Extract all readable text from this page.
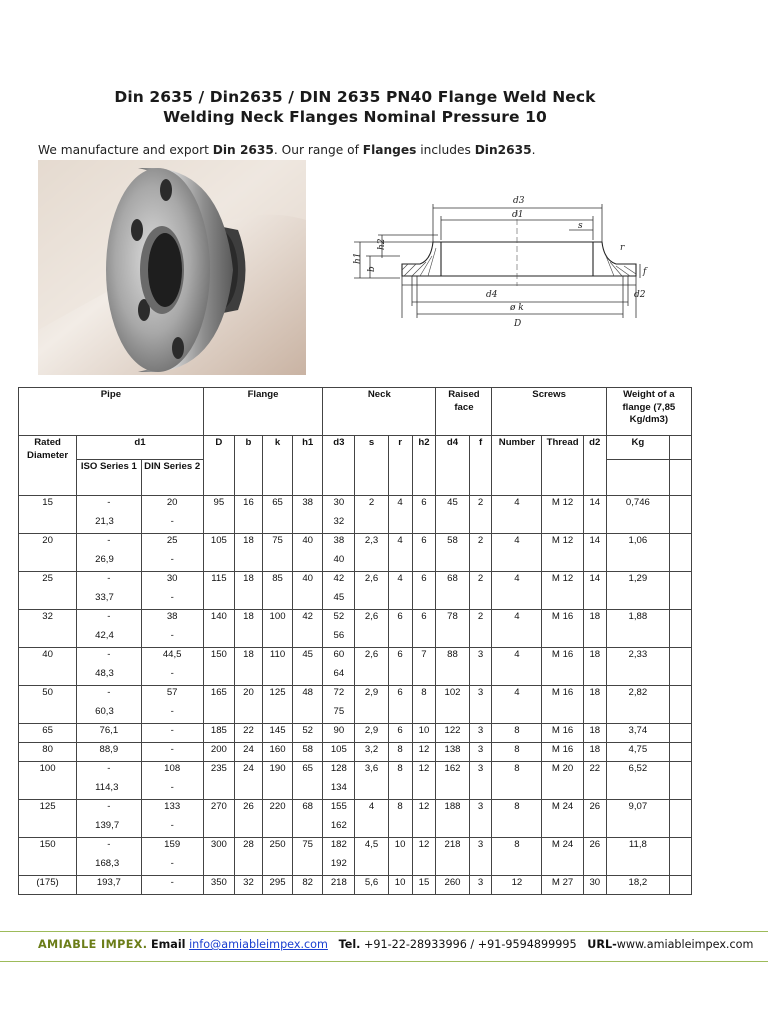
Din 2635 / Din2635 / DIN 2635 PN40 Flange Weld Neck
Welding Neck Flanges Nominal Pressure 10
We manufacture and export Din 2635. Our range of Flanges includes Din2635.
d3
d1
s
r
h2
h1
b	f
d4	d2
ø k
D
Pipe			Flange				Neck				Raised face		Screws			Weight of a flange (7,85 Kg/dm3)	
Rated Diameter	d1		D	b	k	h1	d3	s	r	h2	d4	f	Number	Thread	d2	Kg	
	ISO Series 1	DIN Series 2															
15	-	20	95	16	65	38	30	2	4	6	45	2	4	M 12	14	0,746	
	21,3	-					32										
20	-	25	105	18	75	40	38	2,3	4	6	58	2	4	M 12	14	1,06	
	26,9	-					40										
25	-	30	115	18	85	40	42	2,6	4	6	68	2	4	M 12	14	1,29	
	33,7	-					45										
32	-	38	140	18	100	42	52	2,6	6	6	78	2	4	M 16	18	1,88	
	42,4	-					56										
40	-	44,5	150	18	110	45	60	2,6	6	7	88	3	4	M 16	18	2,33	
	48,3	-					64										
50	-	57	165	20	125	48	72	2,9	6	8	102	3	4	M 16	18	2,82	
	60,3	-					75										
65	76,1	-	185	22	145	52	90	2,9	6	10	122	3	8	M 16	18	3,74	
80	88,9	-	200	24	160	58	105	3,2	8	12	138	3	8	M 16	18	4,75	
100	-	108	235	24	190	65	128	3,6	8	12	162	3	8	M 20	22	6,52	
	114,3	-					134										
125	-	133	270	26	220	68	155	4	8	12	188	3	8	M 24	26	9,07	
	139,7	-					162										
150	-	159	300	28	250	75	182	4,5	10	12	218	3	8	M 24	26	11,8	
	168,3	-					192										
(175)	193,7	-	350	32	295	82	218	5,6	10	15	260	3	12	M 27	30	18,2	
AMIABLE IMPEX. Email info@amiableimpex.com Tel. +91-22-28933996 / +91-9594899995 URL-www.amiableimpex.com
